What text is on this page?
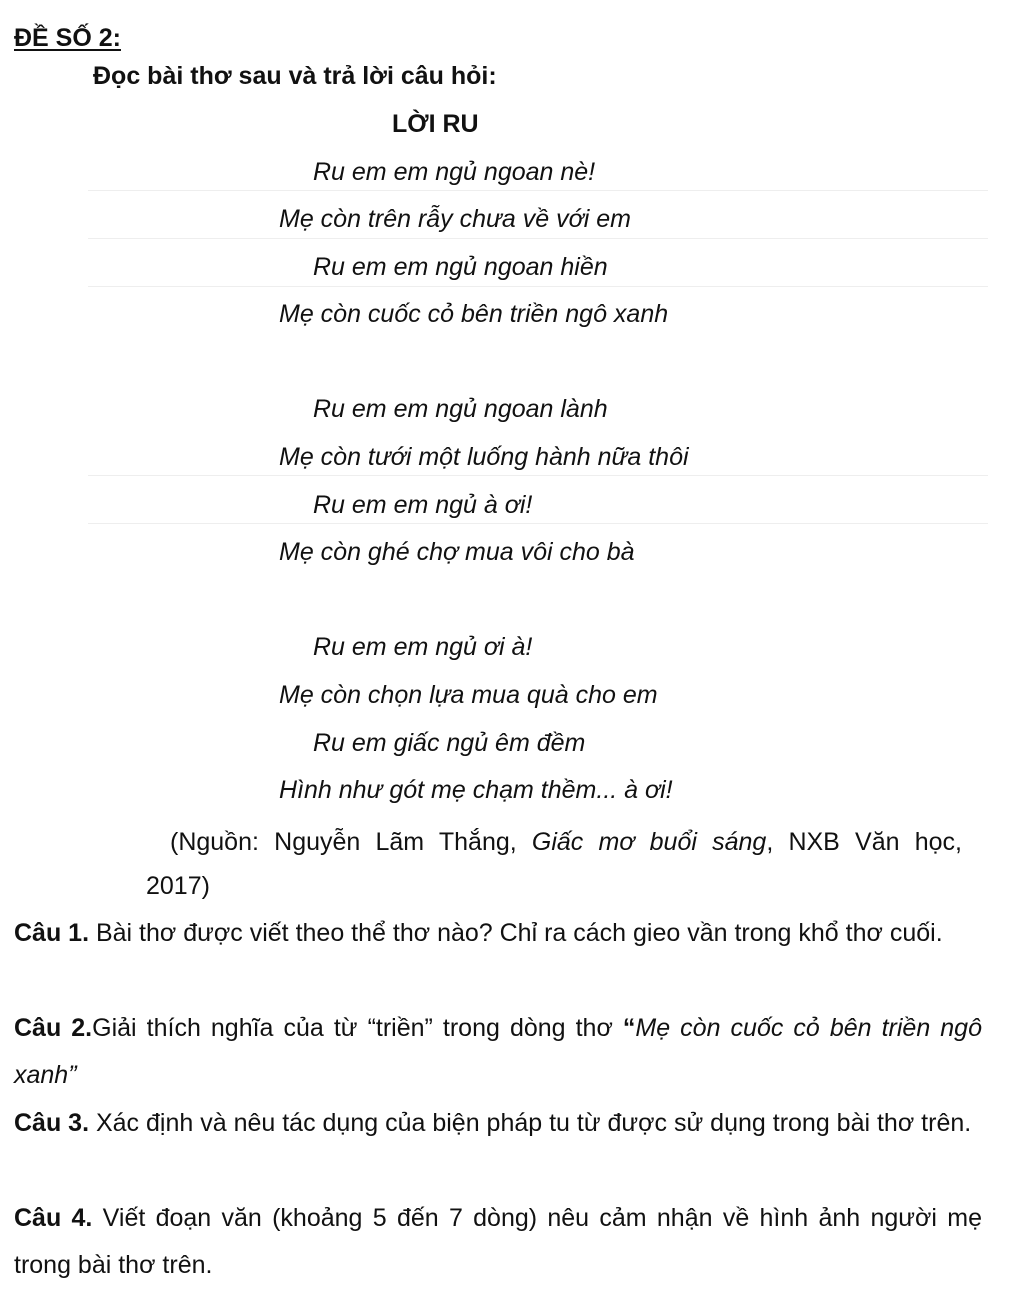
ĐỀ SỐ 2:
Đọc bài thơ sau và trả lời câu hỏi:
LỜI RU
Ru em em ngủ ngoan nè!
Mẹ còn trên rẫy chưa về với em
Ru em em ngủ ngoan hiền
Mẹ còn cuốc cỏ bên triền ngô xanh
Ru em em ngủ ngoan lành
Mẹ còn tưới một luống hành nữa thôi
Ru em em ngủ à ơi!
Mẹ còn ghé chợ mua vôi cho bà
Ru em em ngủ ơi à!
Mẹ còn chọn lựa mua quà cho em
Ru em giấc ngủ êm đềm
Hình như gót mẹ chạm thềm... à ơi!
(Nguồn: Nguyễn Lãm Thắng, Giấc mơ buổi sáng, NXB Văn học,
2017)
Câu 1. Bài thơ được viết theo thể thơ nào? Chỉ ra cách gieo vần trong khổ thơ cuối.
Câu 2.Giải thích nghĩa của từ “triền” trong dòng thơ “Mẹ còn cuốc cỏ bên triền ngô xanh”
Câu 3. Xác định và nêu tác dụng của biện pháp tu từ được sử dụng trong bài thơ trên.
Câu 4. Viết đoạn văn (khoảng 5 đến 7 dòng) nêu cảm nhận về hình ảnh người mẹ trong bài thơ trên.
